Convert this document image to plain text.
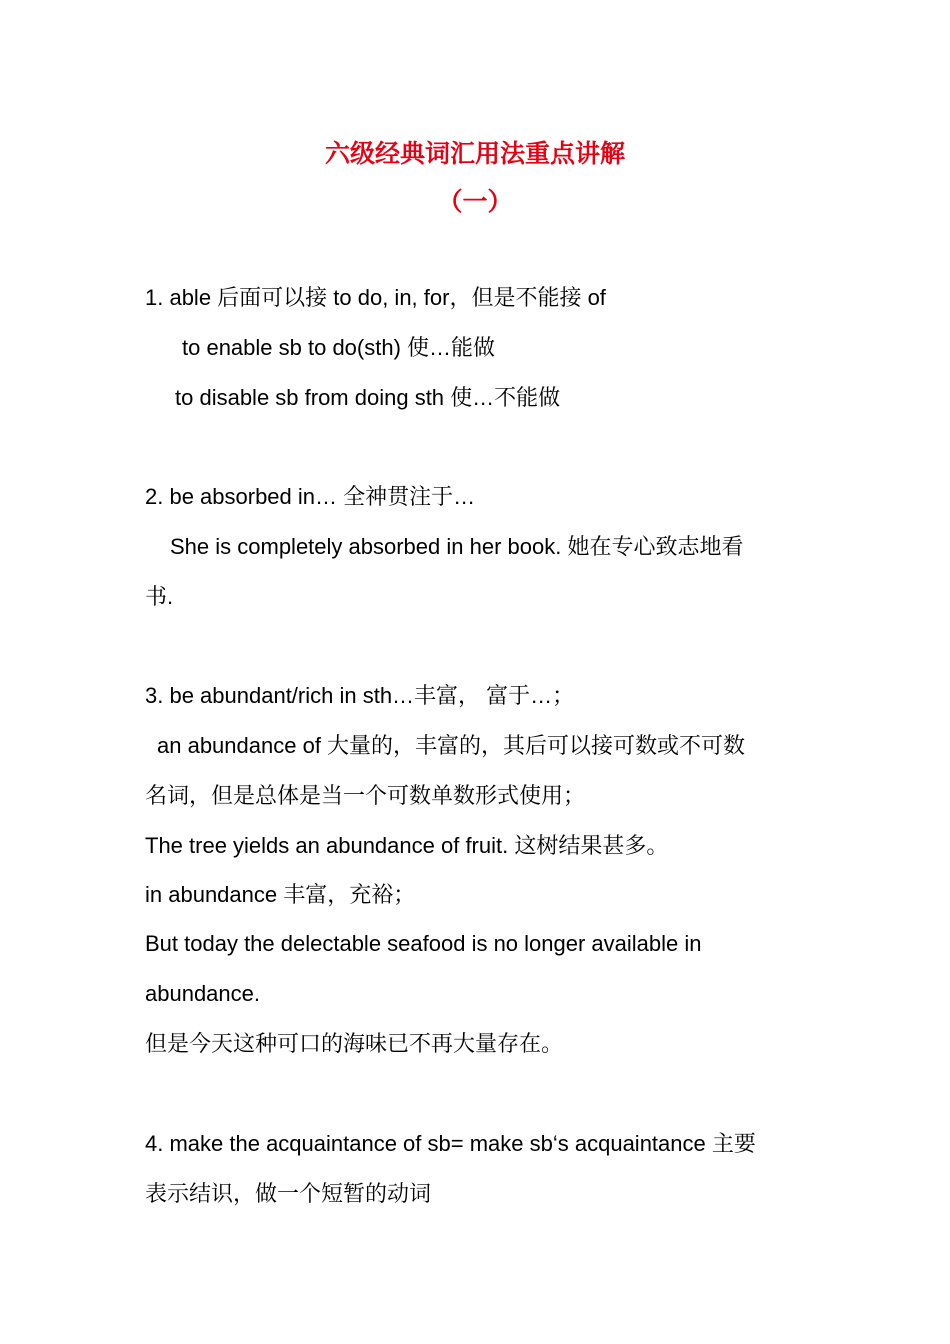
六级经典词汇用法重点讲解
（一）
1. able 后面可以接 to do, in, for，但是不能接 of
to enable sb to do(sth) 使…能做
to disable sb from doing sth 使…不能做
2. be absorbed in… 全神贯注于…
She is completely absorbed in her book. 她在专心致志地看
书.
3. be abundant/rich in sth…丰富， 富于…；
an abundance of 大量的，丰富的，其后可以接可数或不可数
名词，但是总体是当一个可数单数形式使用；
The tree yields an abundance of fruit. 这树结果甚多。
in abundance 丰富，充裕；
But today the delectable seafood is no longer available in
abundance.
但是今天这种可口的海味已不再大量存在。
4. make the acquaintance of sb= make sb‘s acquaintance 主要
表示结识，做一个短暂的动词
